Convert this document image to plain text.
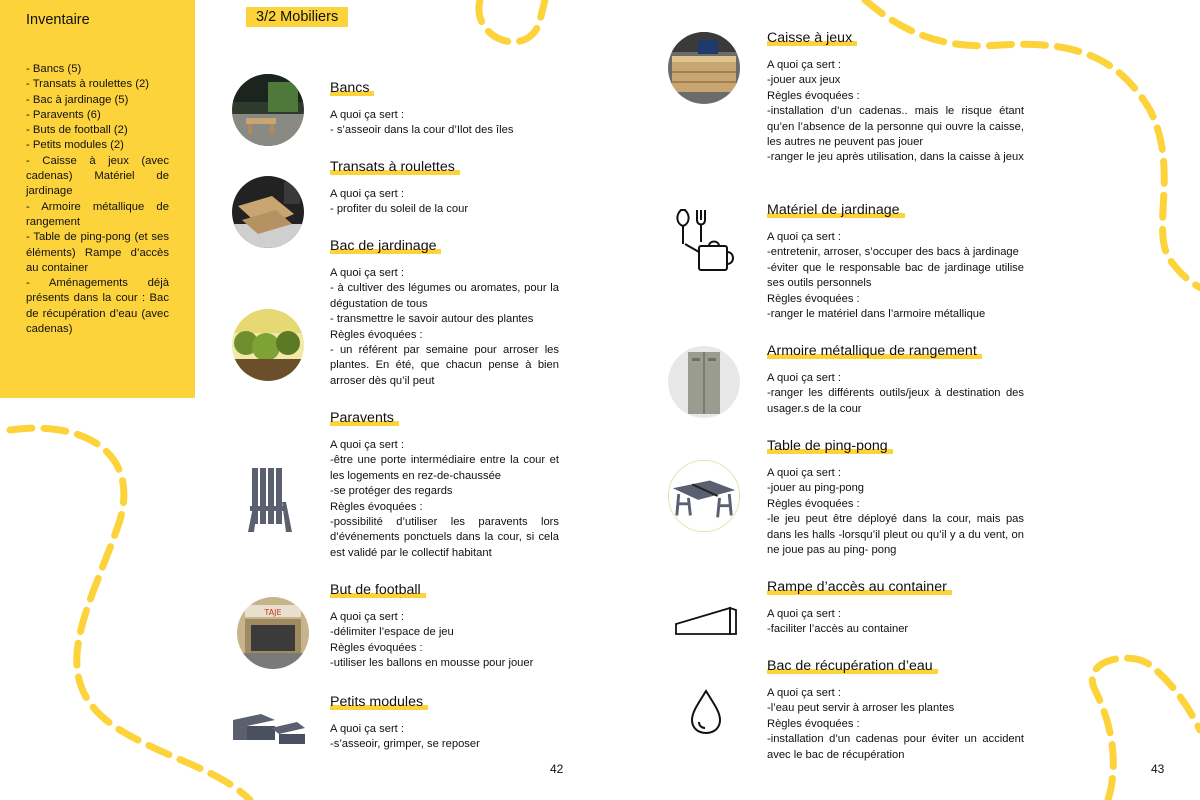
Inventaire
- Bancs (5)
- Transats à roulettes (2)
- Bac à jardinage (5)
- Paravents (6)
- Buts de football (2)
- Petits modules (2)
- Caisse à jeux (avec cadenas) Matériel de jardinage
- Armoire métallique de rangement
- Table de ping-pong (et ses éléments) Rampe d’accès au container
- Aménagements déjà présents dans la cour : Bac de récupération d’eau (avec cadenas)
3/2 Mobiliers
TAJE
Bancs
A quoi ça sert :
- s’asseoir dans la cour d’Ilot des îles
Transats à roulettes
A quoi ça sert :
- profiter du soleil de la cour
Bac de jardinage
A quoi ça sert :
- à cultiver des légumes ou aromates, pour la dégustation de tous
- transmettre le savoir autour des plantes
Règles évoquées :
- un référent par semaine pour arroser les plantes. En été, que chacun pense à bien arroser dès qu’il peut
Paravents
A quoi ça sert :
-être une porte intermédiaire entre la cour et les logements en rez-de-chaussée
-se protéger des regards
Règles évoquées :
-possibilité d’utiliser les paravents lors d’événements ponctuels dans la cour, si cela est validé par le collectif habitant
But de football
A quoi ça sert :
-délimiter l’espace de jeu
Règles évoquées :
-utiliser les ballons en mousse pour jouer
Petits modules
A quoi ça sert :
-s’asseoir, grimper, se reposer
Caisse à jeux
A quoi ça sert :
-jouer aux jeux
Règles évoquées :
-installation d’un cadenas.. mais le risque étant qu’en l’absence de la personne qui ouvre la caisse, les autres ne peuvent pas jouer
-ranger le jeu après utilisation, dans la caisse à jeux
Matériel de jardinage
A quoi ça sert :
-entretenir, arroser, s’occuper des bacs à jardinage
-éviter que le responsable bac de jardinage utilise ses outils personnels
Règles évoquées :
-ranger le matériel dans l’armoire métallique
Armoire métallique de rangement
A quoi ça sert :
-ranger les différents outils/jeux à destination des usager.s de la cour
Table de ping-pong
A quoi ça sert :
-jouer au ping-pong
Règles évoquées :
-le jeu peut être déployé dans la cour, mais pas dans les halls -lorsqu’il pleut ou qu’il y a du vent, on ne joue pas au ping- pong
Rampe d’accès au container
A quoi ça sert :
-faciliter l’accès au container
Bac de récupération d’eau
A quoi ça sert :
-l’eau peut servir à arroser les plantes
Règles évoquées :
-installation d’un cadenas pour éviter un accident avec le bac de récupération
42	43
